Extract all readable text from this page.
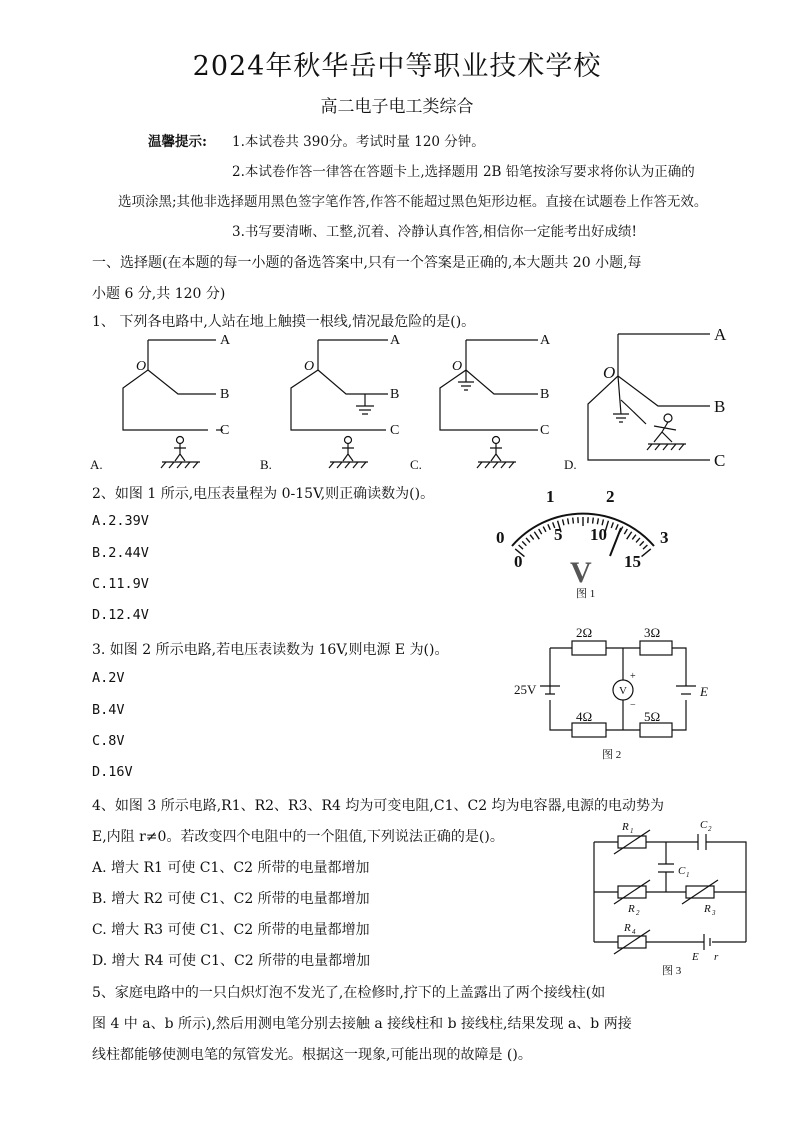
2024年秋华岳中等职业技术学校
高二电子电工类综合
温馨提示: 1.本试卷共 390分。考试时量 120 分钟。
2.本试卷作答一律答在答题卡上,选择题用 2B 铅笔按涂写要求将你认为正确的
选项涂黑;其他非选择题用黑色签字笔作答,作答不能超过黑色矩形边框。直接在试题卷上作答无效。
3.书写要清晰、工整,沉着、冷静认真作答,相信你一定能考出好成绩!
一、选择题(在本题的每一小题的备选答案中,只有一个答案是正确的,本大题共 20 小题,每
小题 6 分,共 120 分)
1、 下列各电路中,人站在地上触摸一根线,情况最危险的是()。
O
A
B
C
O
A
B
C
O
A
B
C
O
A
B
C
A.	B.	C.	D.
2、如图 1 所示,电压表量程为 0-15V,则正确读数为()。
A.2.39V
B.2.44V
C.11.9V
D.12.4V
0
1	2
3
0
5 10
15
V
图 1
3. 如图 2 所示电路,若电压表读数为 16V,则电源 E 为()。
A.2V
B.4V
C.8V
D.16V
2Ω	3Ω
4Ω	5Ω
25V	V
+
−
E
图 2
4、如图 3 所示电路,R1、R2、R3、R4 均为可变电阻,C1、C2 均为电容器,电源的电动势为
E,内阻 r≠0。若改变四个电阻中的一个阻值,下列说法正确的是()。
A. 增大 R1 可使 C1、C2 所带的电量都增加
B. 增大 R2 可使 C1、C2 所带的电量都增加
C. 增大 R3 可使 C1、C2 所带的电量都增加
D. 增大 R4 可使 C1、C2 所带的电量都增加
R 1	C 2
C 1
R 2	R 3
R 4
E r
图 3
5、家庭电路中的一只白炽灯泡不发光了,在检修时,拧下的上盖露出了两个接线柱(如
图 4 中 a、b 所示),然后用测电笔分别去接触 a 接线柱和 b 接线柱,结果发现 a、b 两接
线柱都能够使测电笔的氖管发光。根据这一现象,可能出现的故障是 ()。
